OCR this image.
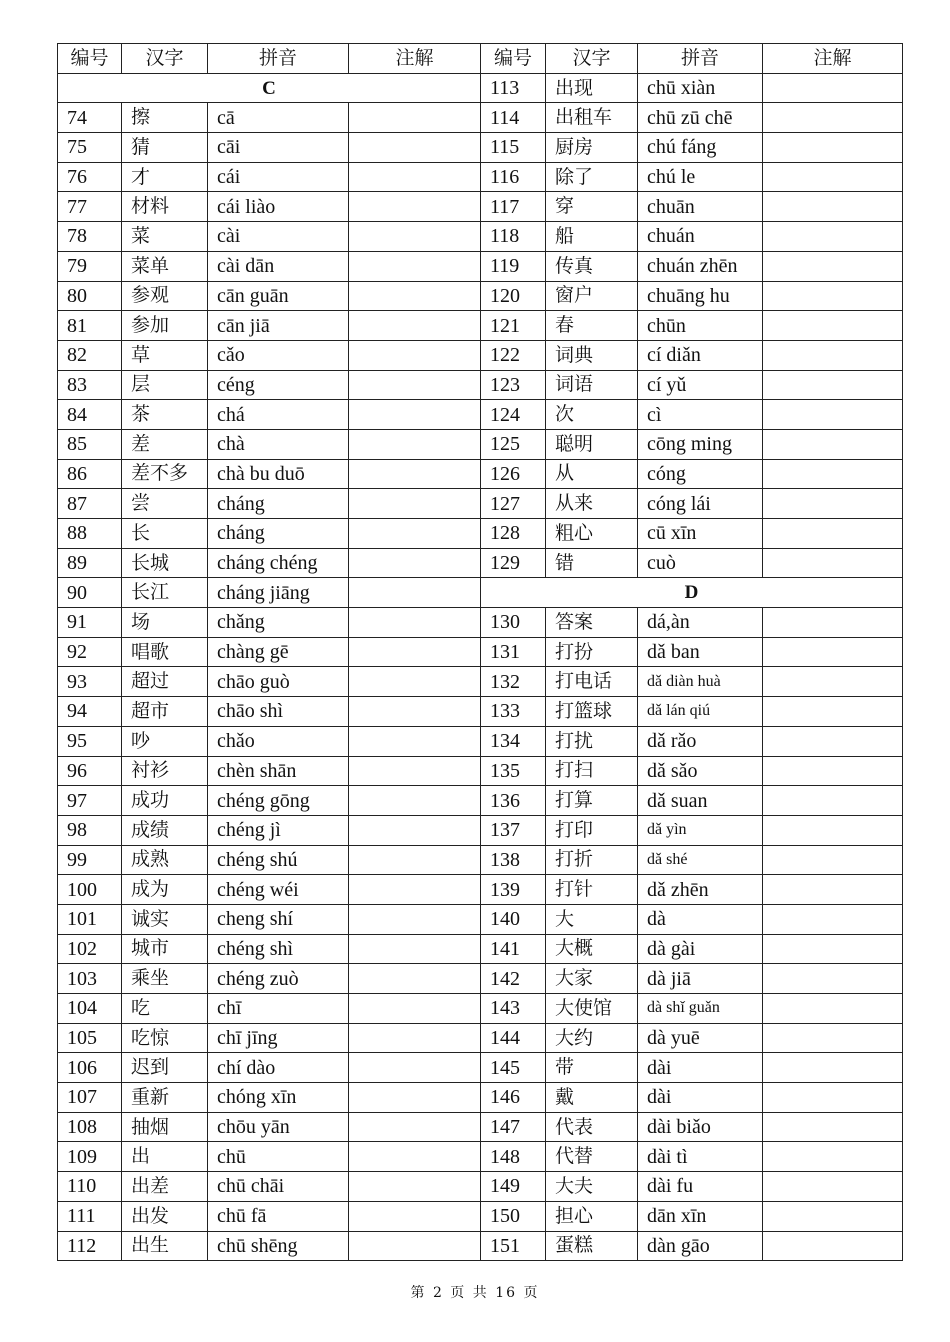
编号	汉字	拼音	注解	编号	汉字	拼音	注解
C				113	出现	chū xiàn	
74	擦	cā		114	出租车	chū zū chē	
75	猜	cāi		115	厨房	chú fáng	
76	才	cái		116	除了	chú le	
77	材料	cái liào		117	穿	chuān	
78	菜	cài		118	船	chuán	
79	菜单	cài dān		119	传真	chuán zhēn	
80	参观	cān guān		120	窗户	chuāng hu	
81	参加	cān jiā		121	春	chūn	
82	草	cǎo		122	词典	cí diǎn	
83	层	céng		123	词语	cí yǔ	
84	茶	chá		124	次	cì	
85	差	chà		125	聪明	cōng ming	
86	差不多	chà bu duō		126	从	cóng	
87	尝	cháng		127	从来	cóng lái	
88	长	cháng		128	粗心	cū xīn	
89	长城	cháng chéng		129	错	cuò	
90	长江	cháng jiāng		D			
91	场	chǎng		130	答案	dá,àn	
92	唱歌	chàng gē		131	打扮	dǎ ban	
93	超过	chāo guò		132	打电话	dǎ diàn huà	
94	超市	chāo shì		133	打篮球	dǎ lán qiú	
95	吵	chǎo		134	打扰	dǎ rǎo	
96	衬衫	chèn shān		135	打扫	dǎ sǎo	
97	成功	chéng gōng		136	打算	dǎ suan	
98	成绩	chéng jì		137	打印	dǎ yìn	
99	成熟	chéng shú		138	打折	dǎ shé	
100	成为	chéng wéi		139	打针	dǎ zhēn	
101	诚实	cheng shí		140	大	dà	
102	城市	chéng shì		141	大概	dà gài	
103	乘坐	chéng zuò		142	大家	dà jiā	
104	吃	chī		143	大使馆	dà shǐ guǎn	
105	吃惊	chī jīng		144	大约	dà yuē	
106	迟到	chí dào		145	带	dài	
107	重新	chóng xīn		146	戴	dài	
108	抽烟	chōu yān		147	代表	dài biǎo	
109	出	chū		148	代替	dài tì	
110	出差	chū chāi		149	大夫	dài fu	
111	出发	chū fā		150	担心	dān xīn	
112	出生	chū shēng		151	蛋糕	dàn gāo	
第 2 页 共 16 页
